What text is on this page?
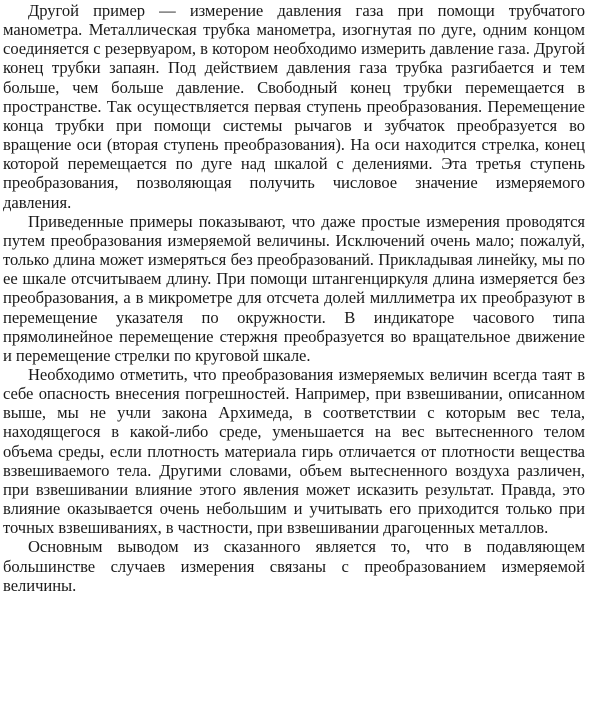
Другой пример — измерение давления газа при помощи трубчатого манометра. Металлическая трубка манометра, изогнутая по дуге, одним концом соединяется с резервуаром, в котором необходимо измерить давление газа. Другой конец трубки запаян. Под действием давления газа трубка разгибается и тем больше, чем больше давление. Свободный конец трубки перемещается в пространстве. Так осуществляется первая ступень преобразования. Перемещение конца трубки при помощи системы рычагов и зубчаток преобразуется во вращение оси (вторая ступень преобразования). На оси находится стрелка, конец которой перемещается по дуге над шкалой с делениями. Эта третья ступень преобразования, позволяющая получить числовое значение измеряемого давления.

Приведенные примеры показывают, что даже простые измерения проводятся путем преобразования измеряемой величины. Исключений очень мало; пожалуй, только длина может измеряться без преобразований. Прикладывая линейку, мы по ее шкале отсчитываем длину. При помощи штангенциркуля длина измеряется без преобразования, а в микрометре для отсчета долей миллиметра их преобразуют в перемещение указателя по окружности. В индикаторе часового типа прямолинейное перемещение стержня преобразуется во вращательное движение и перемещение стрелки по круговой шкале.

Необходимо отметить, что преобразования измеряемых величин всегда таят в себе опасность внесения погрешностей. Например, при взвешивании, описанном выше, мы не учли закона Архимеда, в соответствии с которым вес тела, находящегося в какой-либо среде, уменьшается на вес вытесненного телом объема среды, если плотность материала гирь отличается от плотности вещества взвешиваемого тела. Другими словами, объем вытесненного воздуха различен, при взвешивании влияние этого явления может исказить результат. Правда, это влияние оказывается очень небольшим и учитывать его приходится только при точных взвешиваниях, в частности, при взвешивании драгоценных металлов.

Основным выводом из сказанного является то, что в подавляющем большинстве случаев измерения связаны с преобразованием измеряемой величины.
